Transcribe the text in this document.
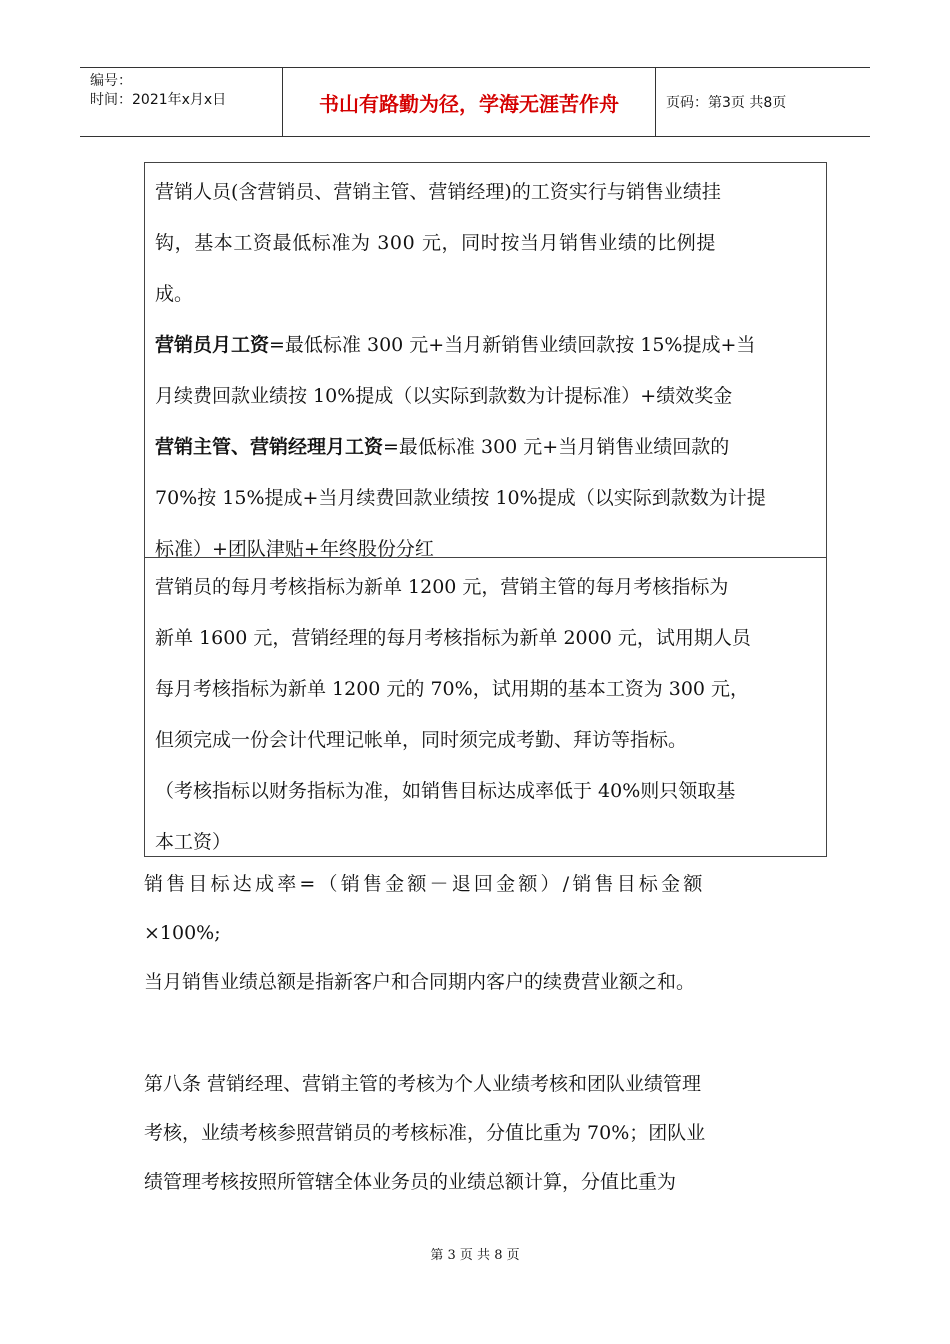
编号：
时间：2021年x月x日	书山有路勤为径，学海无涯苦作舟	页码：第3页 共8页
营销人员(含营销员、营销主管、营销经理)的工资实行与销售业绩挂
钩，基本工资最低标准为 300 元，同时按当月销售业绩的比例提
成。
营销员月工资=最低标准 300 元+当月新销售业绩回款按 15%提成+当
月续费回款业绩按 10%提成（以实际到款数为计提标准）+绩效奖金
营销主管、营销经理月工资=最低标准 300 元+当月销售业绩回款的
70%按 15%提成+当月续费回款业绩按 10%提成（以实际到款数为计提
标准）+团队津贴+年终股份分红
营销员的每月考核指标为新单 1200 元，营销主管的每月考核指标为
新单 1600 元，营销经理的每月考核指标为新单 2000 元，试用期人员
每月考核指标为新单 1200 元的 70%，试用期的基本工资为 300 元，
但须完成一份会计代理记帐单，同时须完成考勤、拜访等指标。
（考核指标以财务指标为准，如销售目标达成率低于 40%则只领取基
本工资）
销售目标达成率=（销售金额－退回金额）/销售目标金额
×100%;
当月销售业绩总额是指新客户和合同期内客户的续费营业额之和。
第八条 营销经理、营销主管的考核为个人业绩考核和团队业绩管理
考核，业绩考核参照营销员的考核标准，分值比重为 70%；团队业
绩管理考核按照所管辖全体业务员的业绩总额计算，分值比重为
第 3 页 共 8 页
